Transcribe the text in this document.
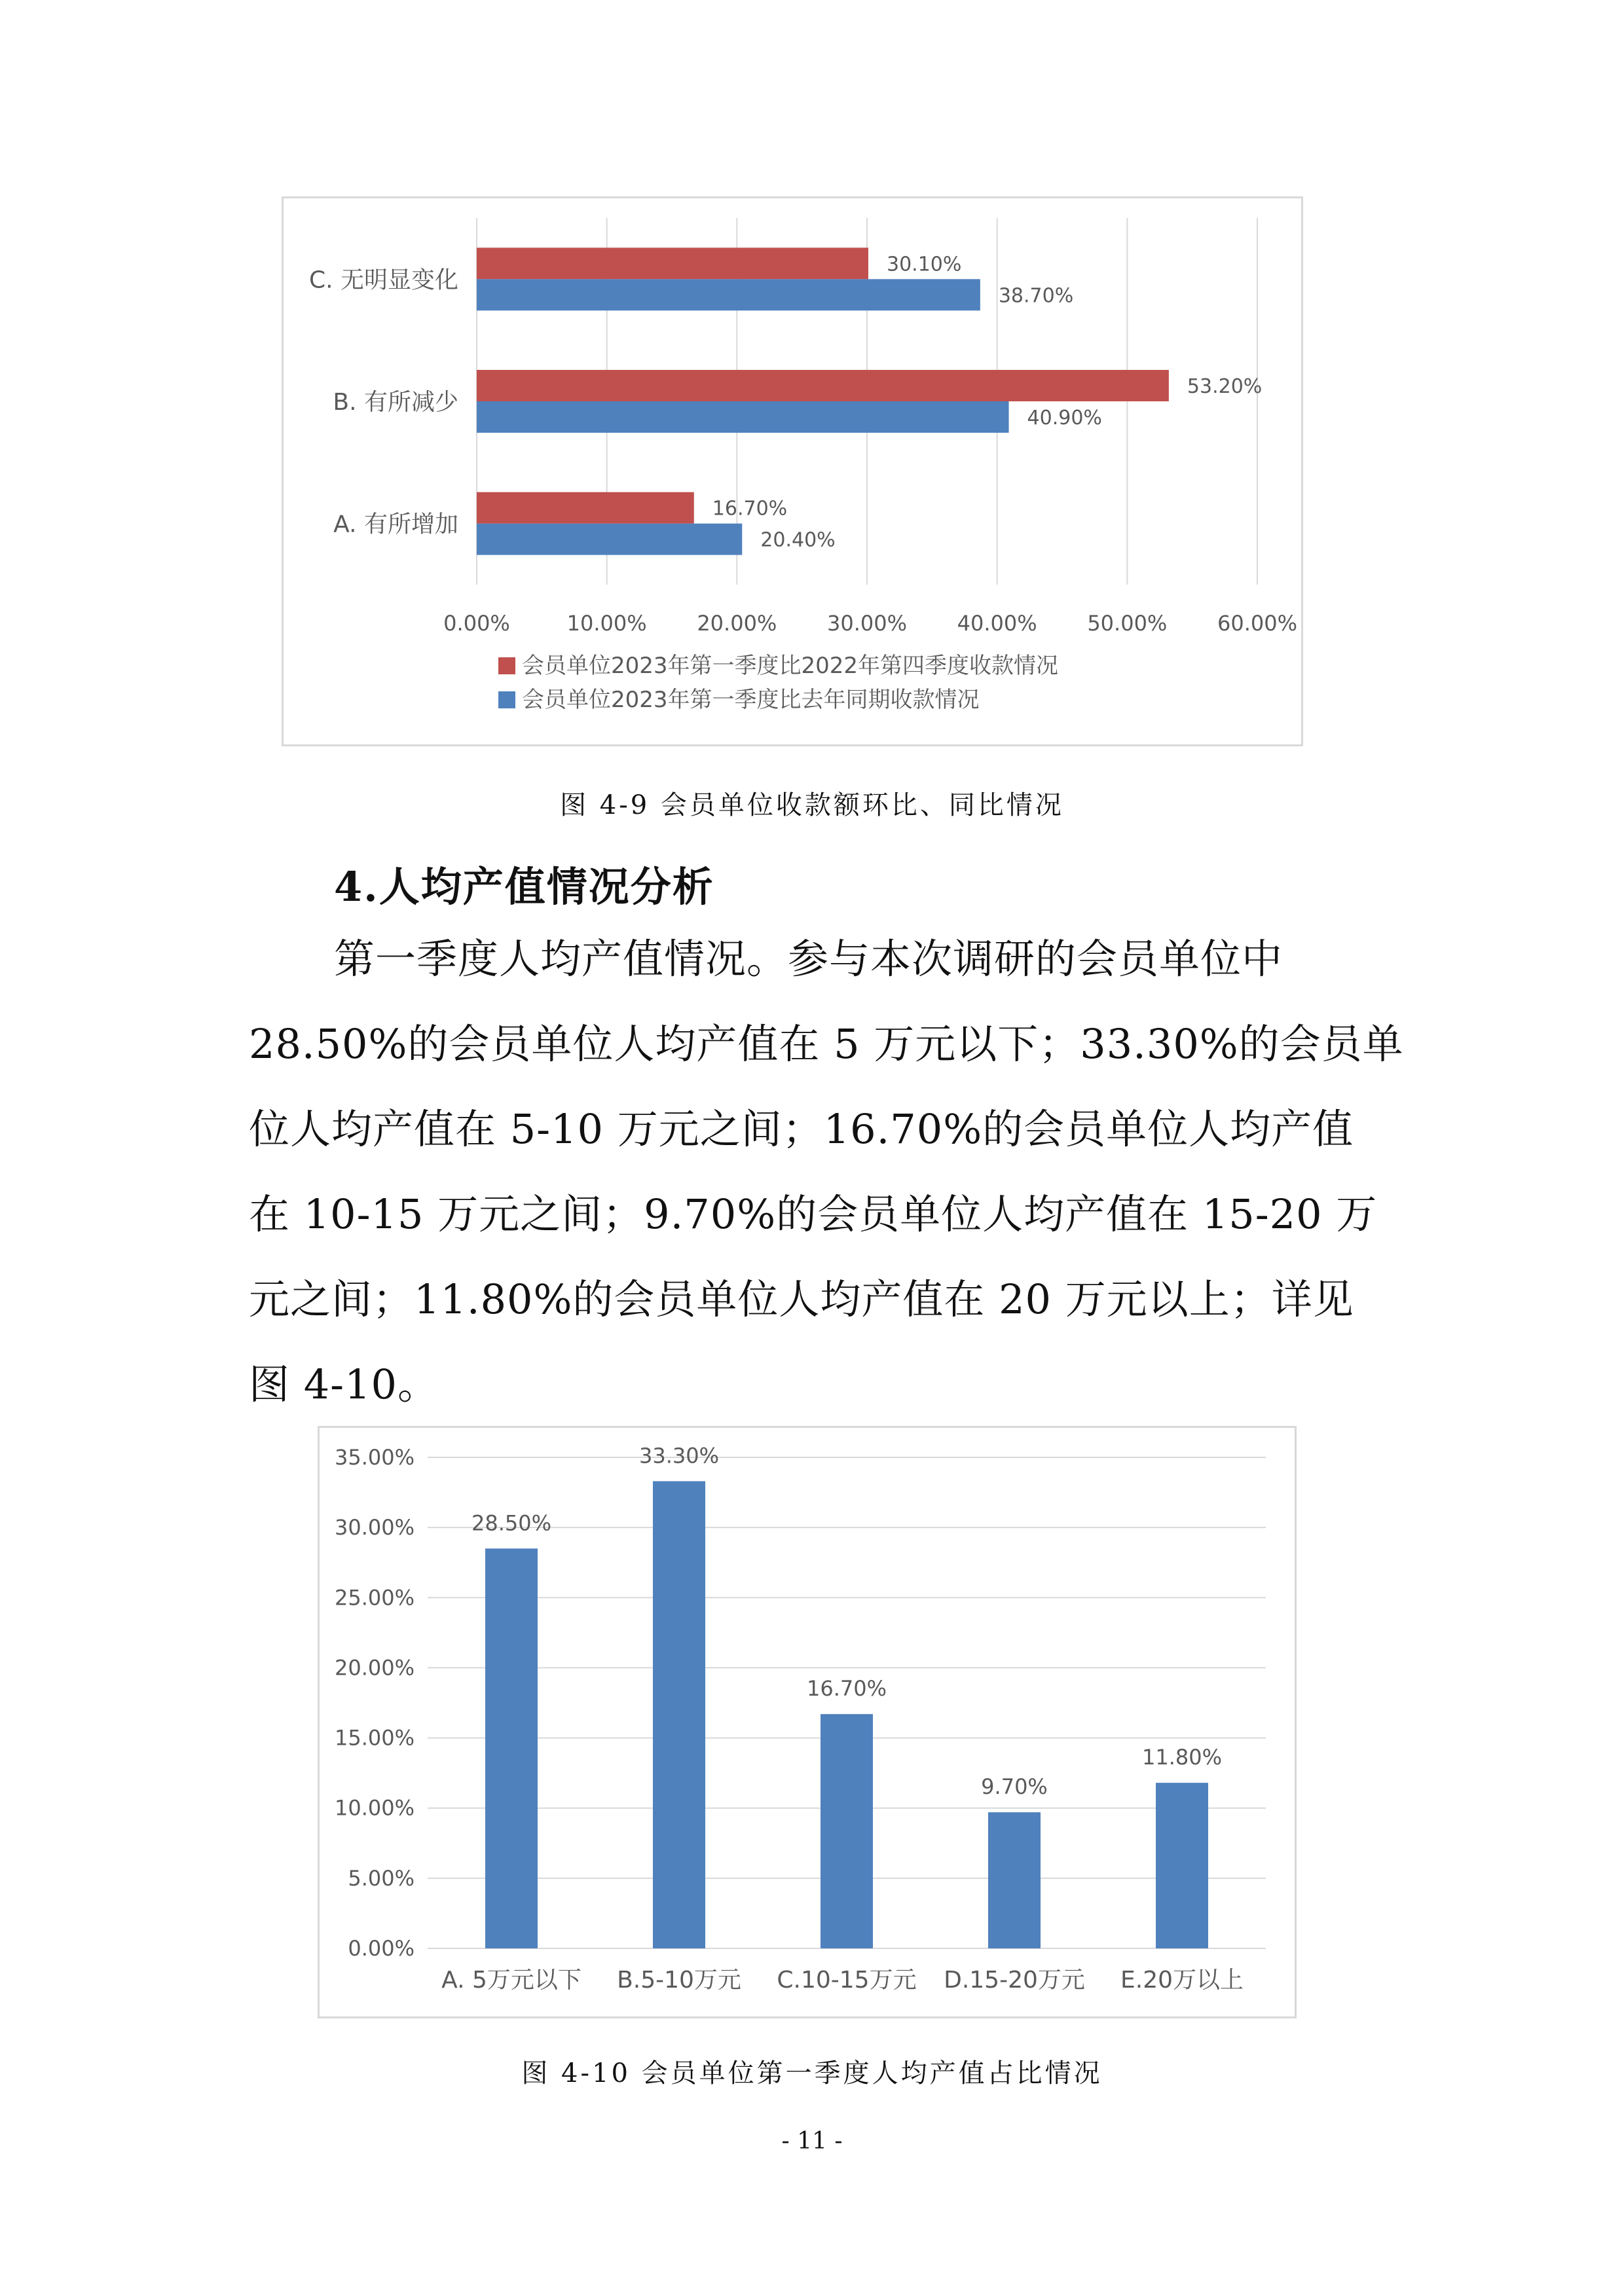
0.00%	10.00% 20.00% 30.00% 40.00% 50.00% 60.00%
A. 有所增加
16.70%
20.40%
B. 有所减少
53.20%
40.90%
C. 无明显变化
30.10%
38.70%
会员单位2023年第一季度比2022年第四季度收款情况
会员单位2023年第一季度比去年同期收款情况
图 4-9 会员单位收款额环比、同比情况
4.人均产值情况分析
第一季度人均产值情况。参与本次调研的会员单位中
28.50%的会员单位人均产值在 5 万元以下；33.30%的会员单
位人均产值在 5-10 万元之间；16.70%的会员单位人均产值
在 10-15 万元之间；9.70%的会员单位人均产值在 15-20 万
元之间；11.80%的会员单位人均产值在 20 万元以上；详见
图 4-10。
0.00%
5.00%
10.00%
15.00%
20.00%
25.00%
30.00%
35.00%
28.50%
A. 5万元以下
33.30%
B.5-10万元
16.70%
C.10-15万元
9.70%
D.15-20万元
11.80%
E.20万以上
图 4-10 会员单位第一季度人均产值占比情况
- 11 -
